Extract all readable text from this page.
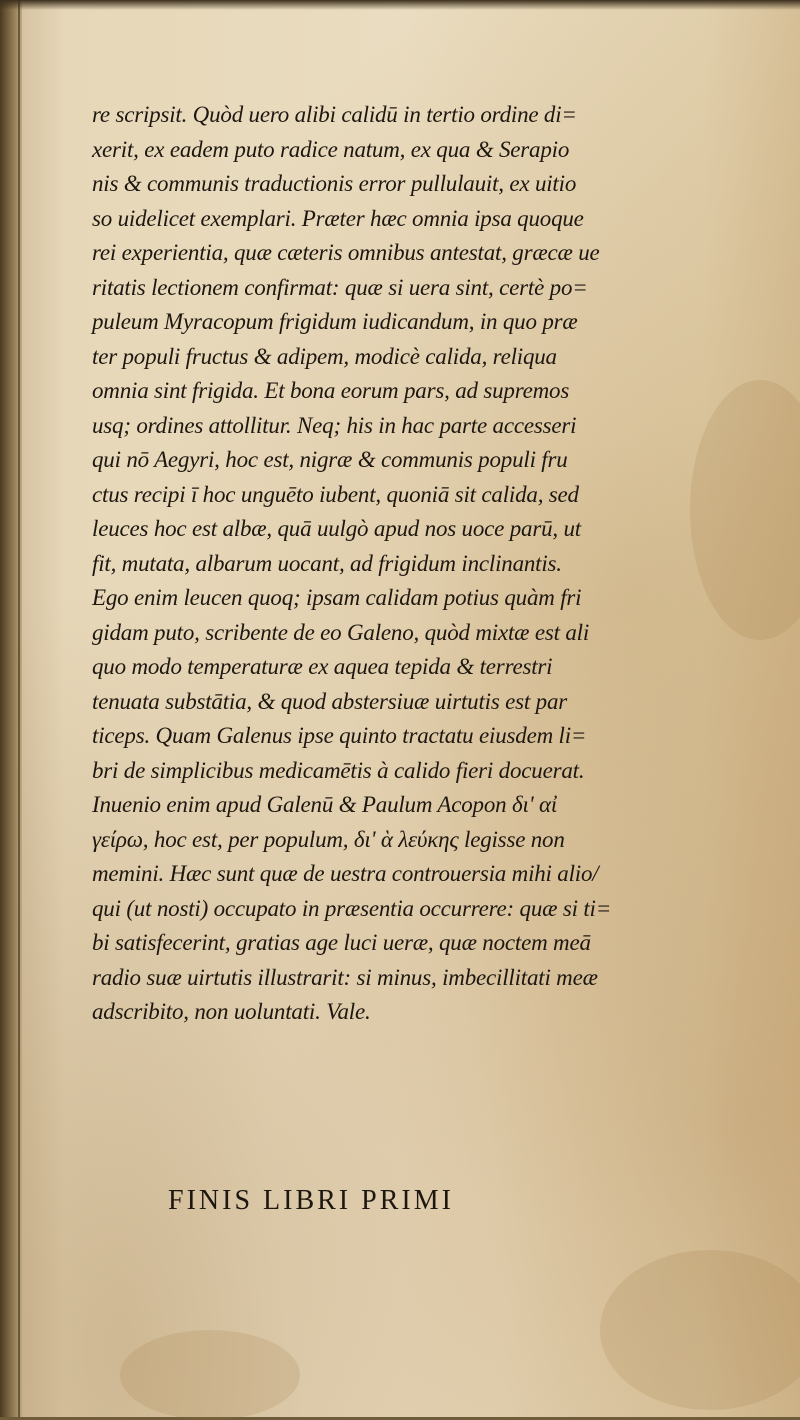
re scripsit. Quòd uero alibi calidū in tertio ordine di=
xerit, ex eadem puto radice natum, ex qua & Serapio
nis & communis traductionis error pullulauit, ex uitio
so uidelicet exemplari. Præter hæc omnia ipsa quoque
rei experientia, quæ cæteris omnibus antestat, græcæ ue
ritatis lectionem confirmat: quæ si uera sint, certè po=
puleum Myracopum frigidum iudicandum, in quo præ
ter populi fructus & adipem, modicè calida, reliqua
omnia sint frigida. Et bona eorum pars, ad supremos
usq; ordines attollitur. Neq; his in hac parte accesseri
qui nō Aegyri, hoc est, nigræ & communis populi fru
ctus recipi ī hoc unguēto iubent, quoniā sit calida, sed
leuces hoc est albæ, quā uulgò apud nos uoce parū, ut
fit, mutata, albarum uocant, ad frigidum inclinantis.
Ego enim leucen quoq; ipsam calidam potius quàm fri
gidam puto, scribente de eo Galeno, quòd mixtæ est ali
quo modo temperaturæ ex aquea tepida & terrestri
tenuata substātia, & quod abstersiuæ uirtutis est par
ticeps. Quam Galenus ipse quinto tractatu eiusdem li=
bri de simplicibus medicamētis à calido fieri docuerat.
Inuenio enim apud Galenū & Paulum Acopon δι' αἰ
γείρω, hoc est, per populum, δι' ὰ λεύκης legisse non
memini. Hæc sunt quæ de uestra controuersia mihi alio/
qui (ut nosti) occupato in præsentia occurrere: quæ si ti=
bi satisfecerint, gratias age luci ueræ, quæ noctem meā
radio suæ uirtutis illustrarit: si minus, imbecillitati meæ
adscribito, non uoluntati. Vale.
FINIS LIBRI PRIMI
